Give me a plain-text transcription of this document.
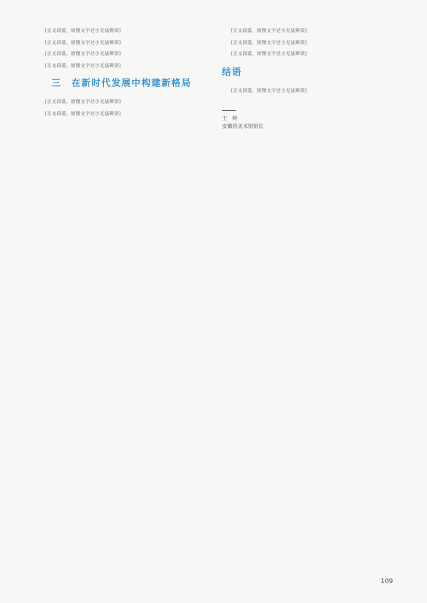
[正文段落，原图文字过小无法辨读]

[正文段落，原图文字过小无法辨读]

[正文段落，原图文字过小无法辨读]

[正文段落，原图文字过小无法辨读]

三　在新时代发展中构建新格局

[正文段落，原图文字过小无法辨读]

[正文段落，原图文字过小无法辨读]

[正文段落，原图文字过小无法辨读]

[正文段落，原图文字过小无法辨读]

[正文段落，原图文字过小无法辨读]

结语

[正文段落，原图文字过小无法辨读]

王　岭
安徽省美术馆馆长
109
